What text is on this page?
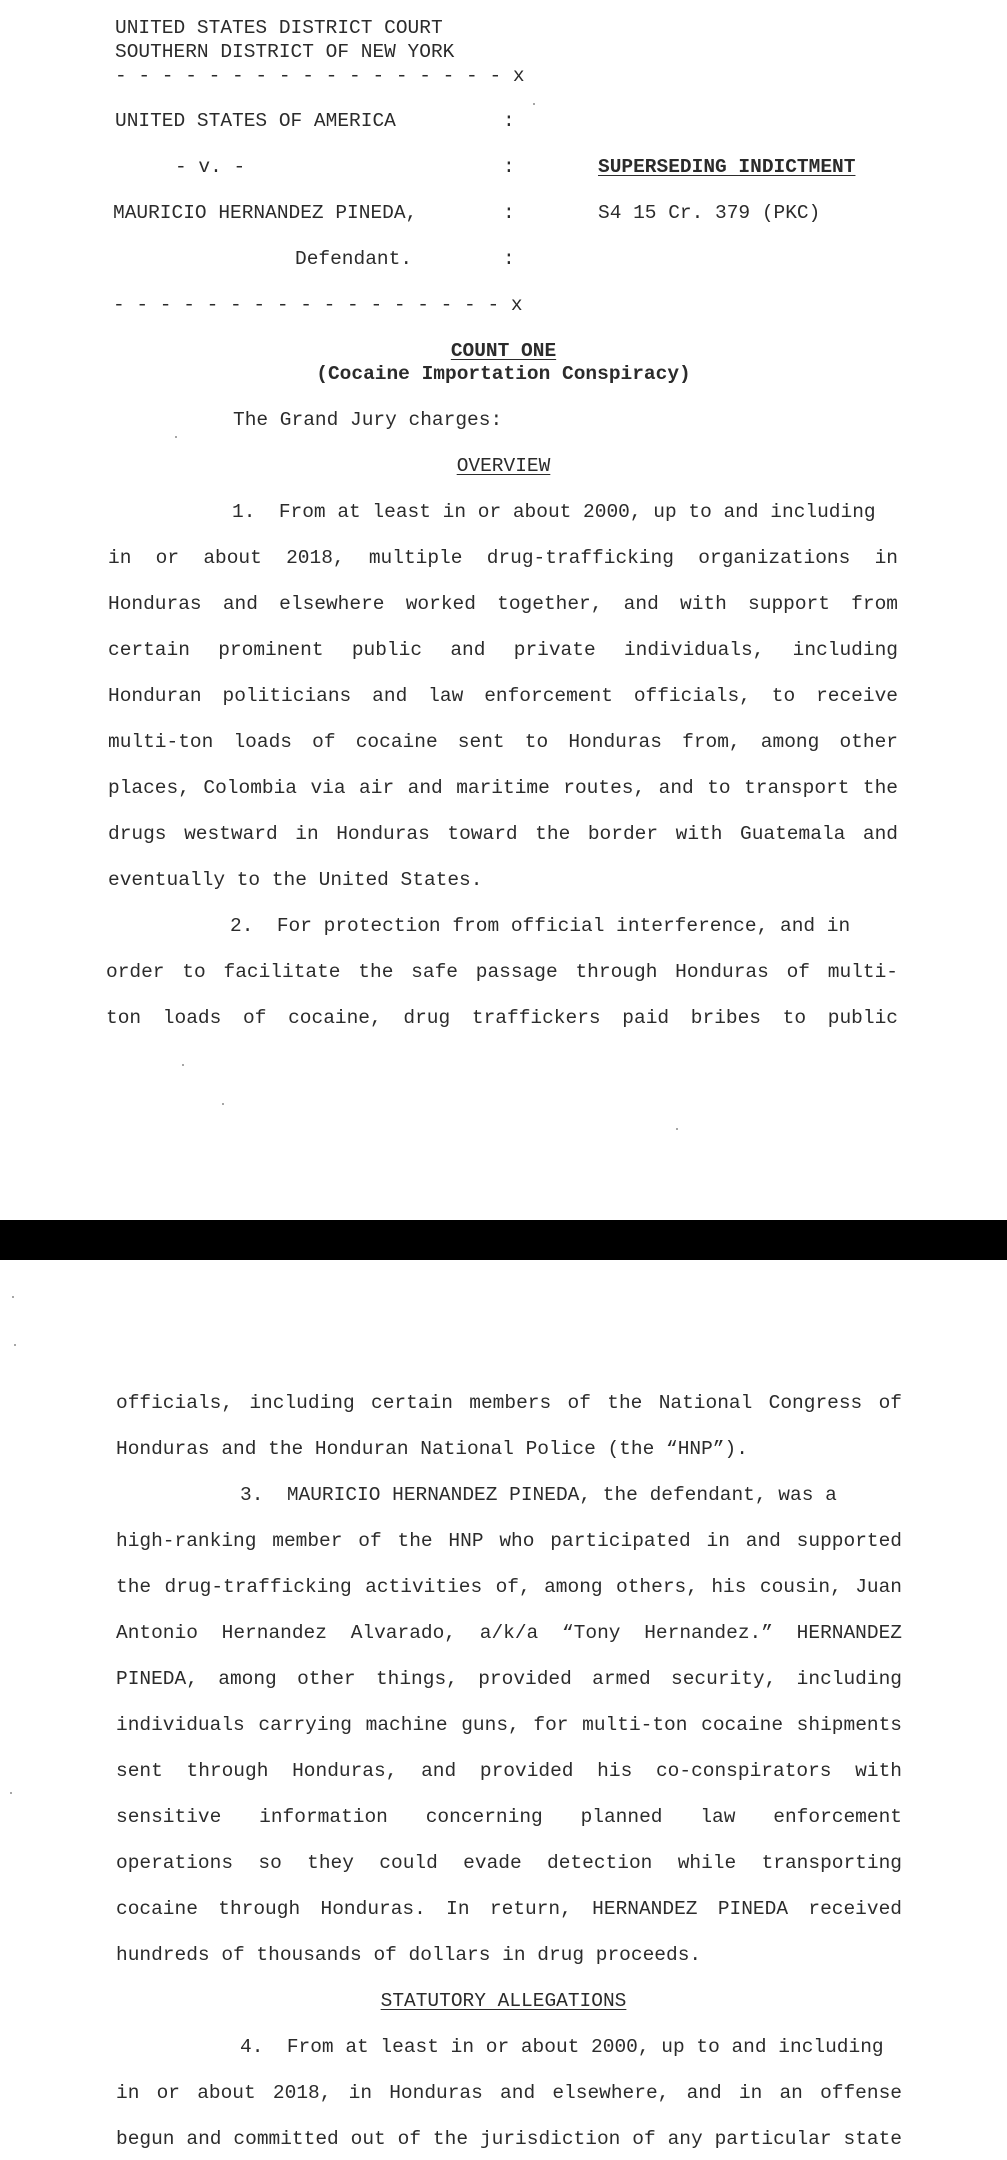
UNITED STATES DISTRICT COURT
SOUTHERN DISTRICT OF NEW YORK
- - - - - - - - - - - - - - - - - x
UNITED STATES OF AMERICA	:
- v. -	:	SUPERSEDING INDICTMENT
MAURICIO HERNANDEZ PINEDA,	:	S4 15 Cr. 379 (PKC)
Defendant.	:
- - - - - - - - - - - - - - - - - x
COUNT ONE
(Cocaine Importation Conspiracy)
The Grand Jury charges:
OVERVIEW
1. From at least in or about 2000, up to and including
in or about 2018, multiple drug-trafficking organizations in
Honduras and elsewhere worked together, and with support from
certain prominent public and private individuals, including
Honduran politicians and law enforcement officials, to receive
multi-ton loads of cocaine sent to Honduras from, among other
places, Colombia via air and maritime routes, and to transport the
drugs westward in Honduras toward the border with Guatemala and
eventually to the United States.
2. For protection from official interference, and in
order to facilitate the safe passage through Honduras of multi-
ton loads of cocaine, drug traffickers paid bribes to public
officials, including certain members of the National Congress of
Honduras and the Honduran National Police (the “HNP”).
3. MAURICIO HERNANDEZ PINEDA, the defendant, was a
high-ranking member of the HNP who participated in and supported
the drug-trafficking activities of, among others, his cousin, Juan
Antonio Hernandez Alvarado, a/k/a “Tony Hernandez.” HERNANDEZ
PINEDA, among other things, provided armed security, including
individuals carrying machine guns, for multi-ton cocaine shipments
sent through Honduras, and provided his co-conspirators with
sensitive information concerning planned law enforcement
operations so they could evade detection while transporting
cocaine through Honduras. In return, HERNANDEZ PINEDA received
hundreds of thousands of dollars in drug proceeds.
STATUTORY ALLEGATIONS
4. From at least in or about 2000, up to and including
in or about 2018, in Honduras and elsewhere, and in an offense
begun and committed out of the jurisdiction of any particular state
